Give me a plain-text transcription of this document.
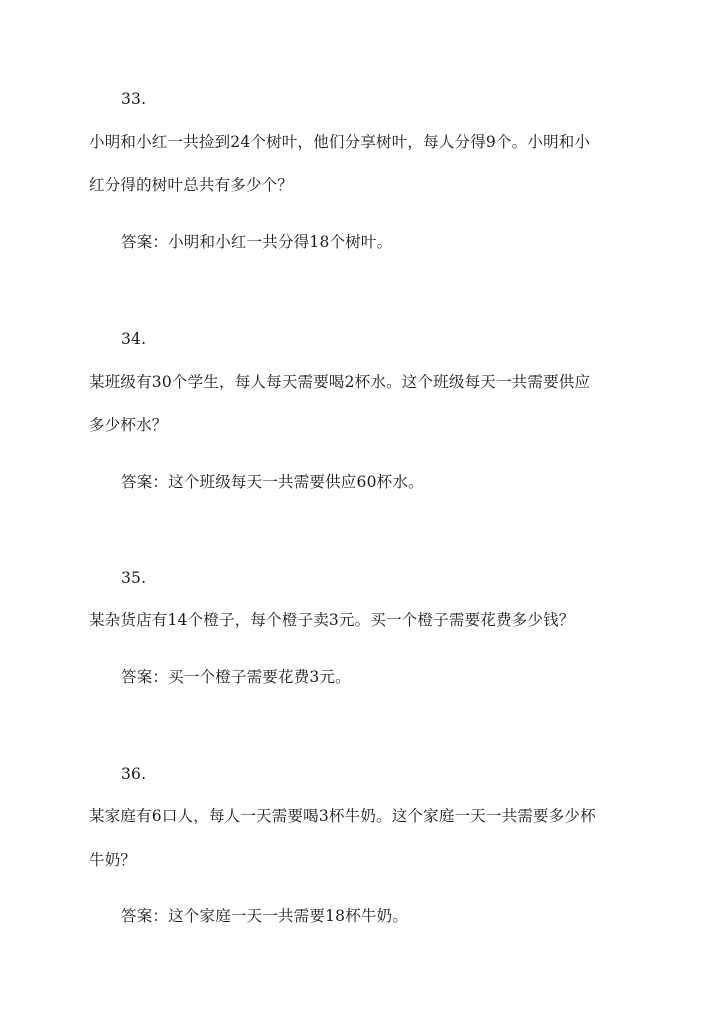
33.
小明和小红一共捡到24个树叶，他们分享树叶，每人分得9个。小明和小
红分得的树叶总共有多少个？
答案：小明和小红一共分得18个树叶。
34.
某班级有30个学生，每人每天需要喝2杯水。这个班级每天一共需要供应
多少杯水？
答案：这个班级每天一共需要供应60杯水。
35.
某杂货店有14个橙子，每个橙子卖3元。买一个橙子需要花费多少钱？
答案：买一个橙子需要花费3元。
36.
某家庭有6口人，每人一天需要喝3杯牛奶。这个家庭一天一共需要多少杯
牛奶？
答案：这个家庭一天一共需要18杯牛奶。
